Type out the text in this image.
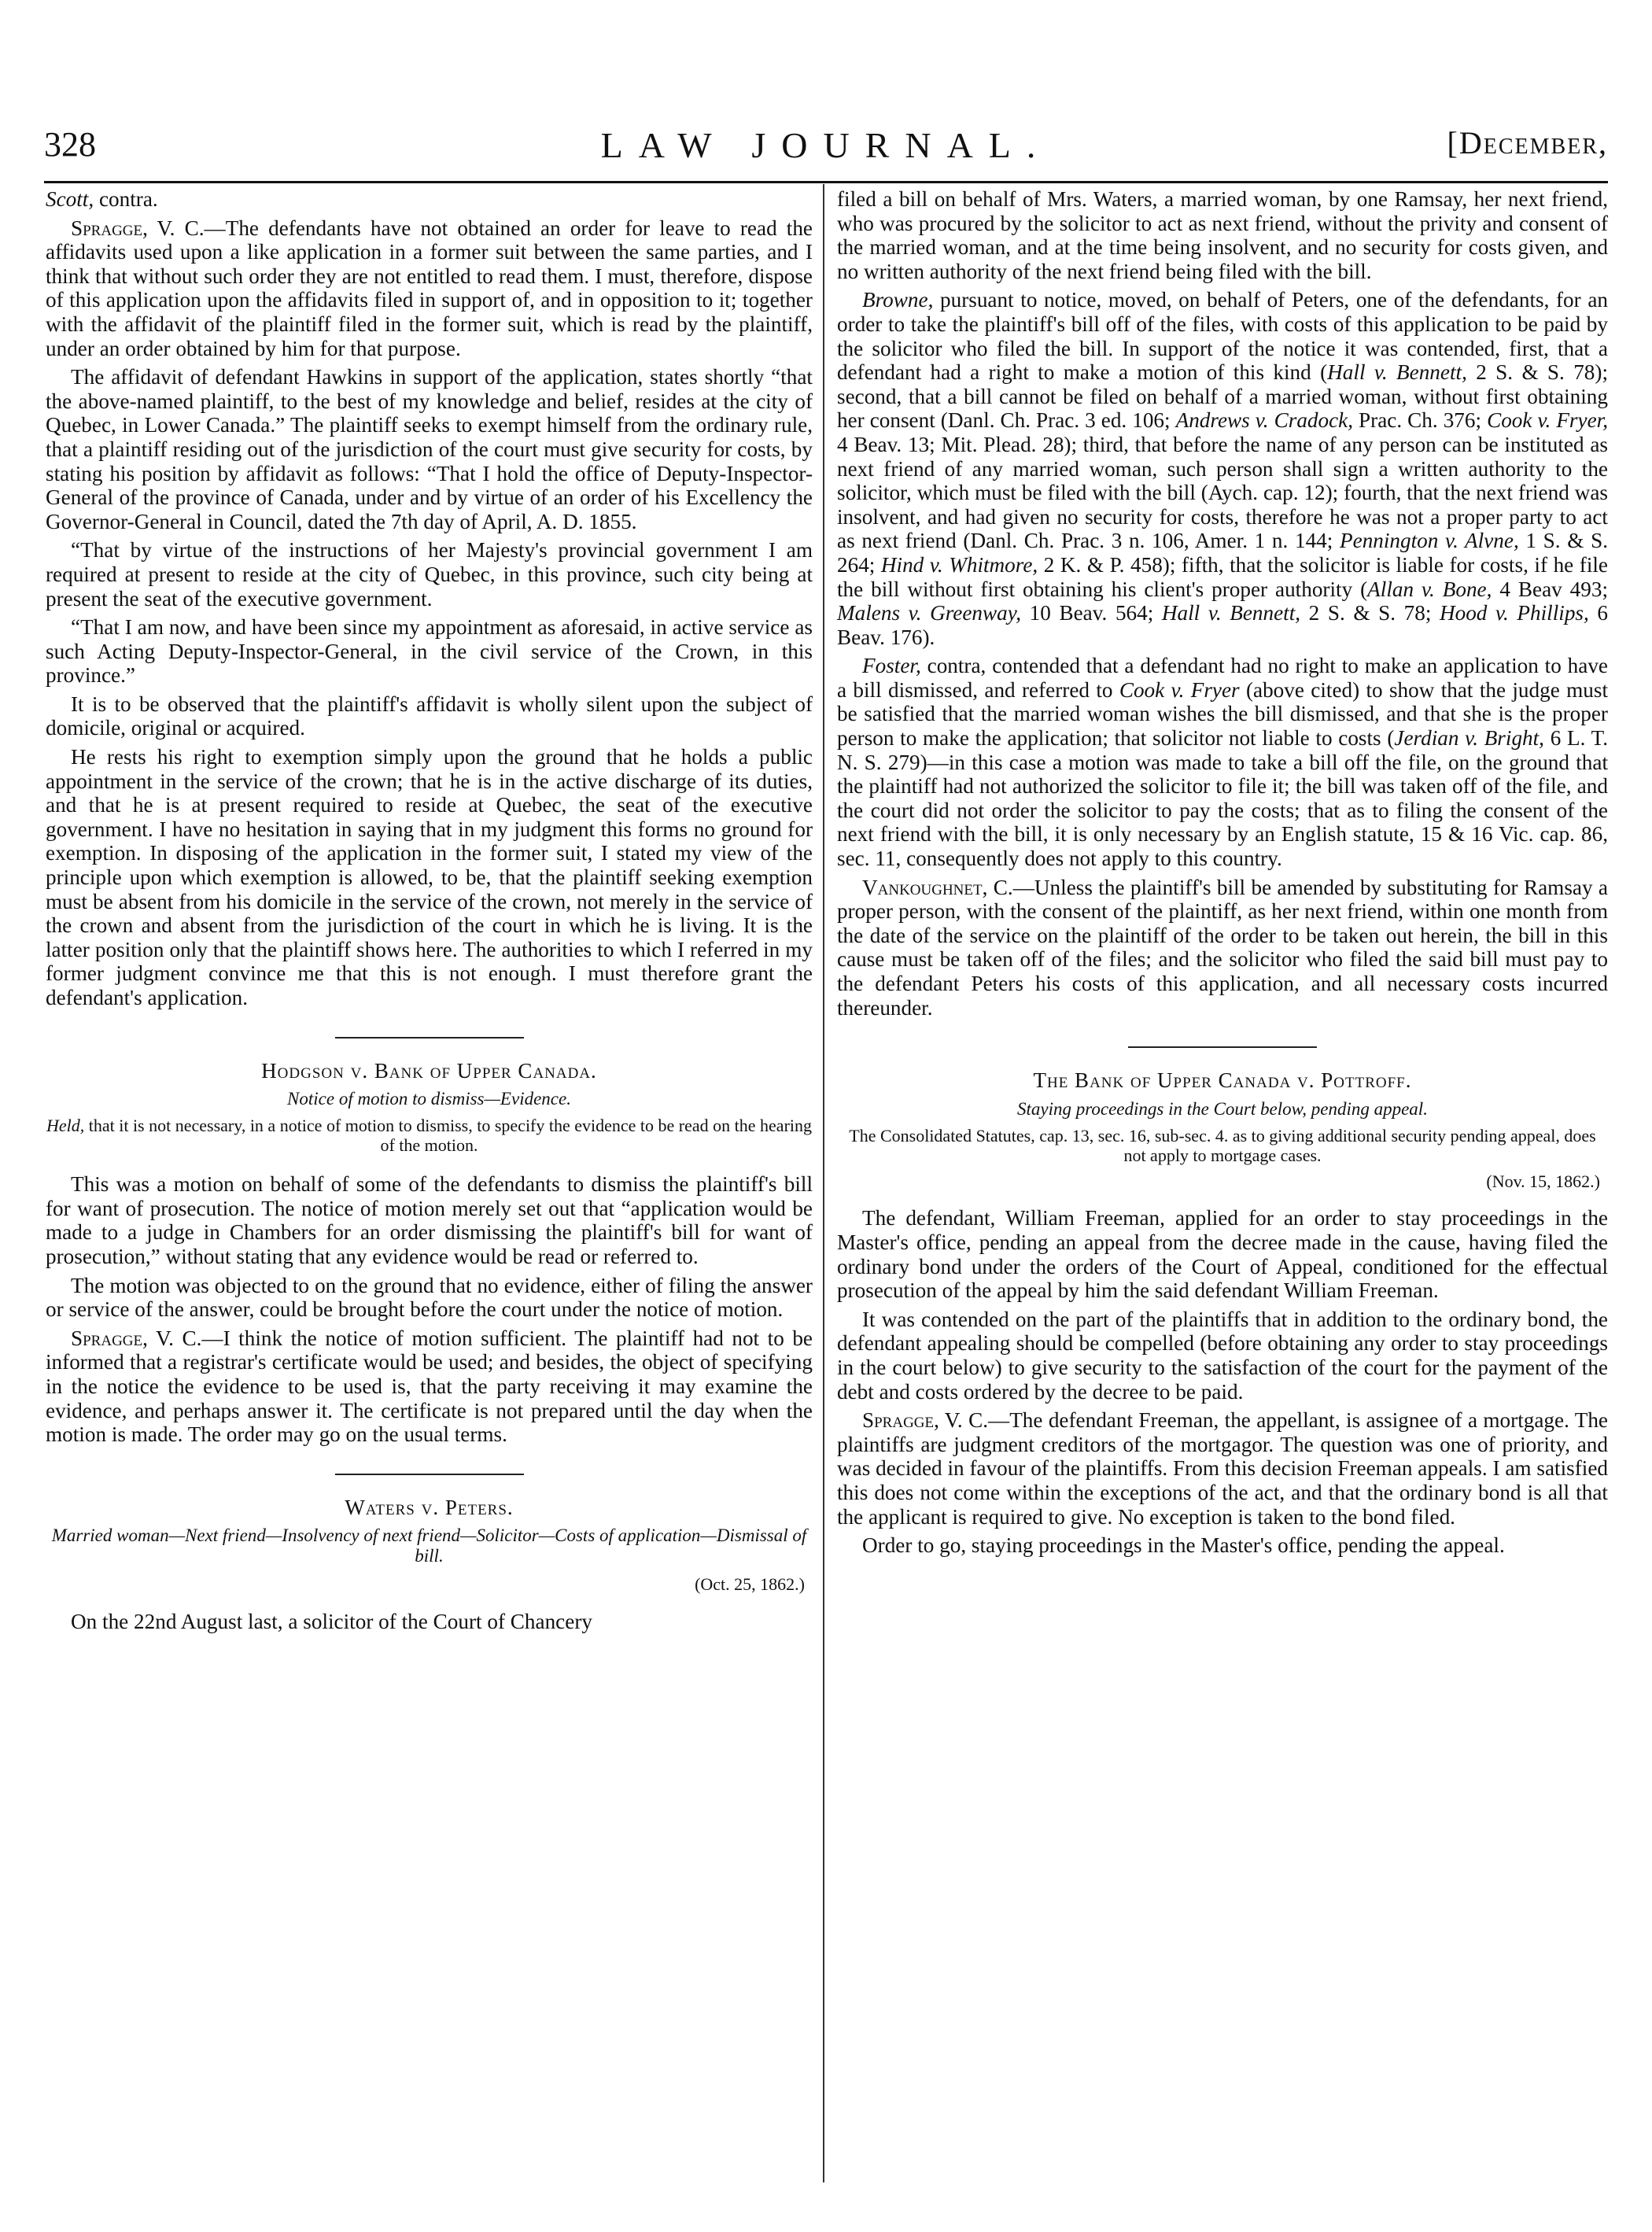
328	LAW JOURNAL.	[December,

Scott, contra.

Spragge, V. C.—The defendants have not obtained an order for leave to read the affidavits used upon a like application in a former suit between the same parties, and I think that without such order they are not entitled to read them. I must, therefore, dispose of this application upon the affidavits filed in support of, and in opposition to it; together with the affidavit of the plaintiff filed in the former suit, which is read by the plaintiff, under an order obtained by him for that purpose.

The affidavit of defendant Hawkins in support of the application, states shortly “that the above-named plaintiff, to the best of my knowledge and belief, resides at the city of Quebec, in Lower Canada.” The plaintiff seeks to exempt himself from the ordinary rule, that a plaintiff residing out of the jurisdiction of the court must give security for costs, by stating his position by affidavit as follows: “That I hold the office of Deputy-Inspector-General of the province of Canada, under and by virtue of an order of his Excellency the Governor-General in Council, dated the 7th day of April, A. D. 1855.

“That by virtue of the instructions of her Majesty's provincial government I am required at present to reside at the city of Quebec, in this province, such city being at present the seat of the executive government.

“That I am now, and have been since my appointment as aforesaid, in active service as such Acting Deputy-Inspector-General, in the civil service of the Crown, in this province.”

It is to be observed that the plaintiff's affidavit is wholly silent upon the subject of domicile, original or acquired.

He rests his right to exemption simply upon the ground that he holds a public appointment in the service of the crown; that he is in the active discharge of its duties, and that he is at present required to reside at Quebec, the seat of the executive government. I have no hesitation in saying that in my judgment this forms no ground for exemption. In disposing of the application in the former suit, I stated my view of the principle upon which exemption is allowed, to be, that the plaintiff seeking exemption must be absent from his domicile in the service of the crown, not merely in the service of the crown and absent from the jurisdiction of the court in which he is living. It is the latter position only that the plaintiff shows here. The authorities to which I referred in my former judgment convince me that this is not enough. I must therefore grant the defendant's application.

Hodgson v. Bank of Upper Canada.
Notice of motion to dismiss—Evidence.
Held, that it is not necessary, in a notice of motion to dismiss, to specify the evidence to be read on the hearing of the motion.

This was a motion on behalf of some of the defendants to dismiss the plaintiff's bill for want of prosecution. The notice of motion merely set out that “application would be made to a judge in Chambers for an order dismissing the plaintiff's bill for want of prosecution,” without stating that any evidence would be read or referred to.

The motion was objected to on the ground that no evidence, either of filing the answer or service of the answer, could be brought before the court under the notice of motion.

Spragge, V. C.—I think the notice of motion sufficient. The plaintiff had not to be informed that a registrar's certificate would be used; and besides, the object of specifying in the notice the evidence to be used is, that the party receiving it may examine the evidence, and perhaps answer it. The certificate is not prepared until the day when the motion is made. The order may go on the usual terms.

Waters v. Peters.
Married woman—Next friend—Insolvency of next friend—Solicitor—Costs of application—Dismissal of bill.
(Oct. 25, 1862.)

On the 22nd August last, a solicitor of the Court of Chancery

filed a bill on behalf of Mrs. Waters, a married woman, by one Ramsay, her next friend, who was procured by the solicitor to act as next friend, without the privity and consent of the married woman, and at the time being insolvent, and no security for costs given, and no written authority of the next friend being filed with the bill.

Browne, pursuant to notice, moved, on behalf of Peters, one of the defendants, for an order to take the plaintiff's bill off of the files, with costs of this application to be paid by the solicitor who filed the bill. In support of the notice it was contended, first, that a defendant had a right to make a motion of this kind (Hall v. Bennett, 2 S. & S. 78); second, that a bill cannot be filed on behalf of a married woman, without first obtaining her consent (Danl. Ch. Prac. 3 ed. 106; Andrews v. Cradock, Prac. Ch. 376; Cook v. Fryer, 4 Beav. 13; Mit. Plead. 28); third, that before the name of any person can be instituted as next friend of any married woman, such person shall sign a written authority to the solicitor, which must be filed with the bill (Aych. cap. 12); fourth, that the next friend was insolvent, and had given no security for costs, therefore he was not a proper party to act as next friend (Danl. Ch. Prac. 3 n. 106, Amer. 1 n. 144; Pennington v. Alvne, 1 S. & S. 264; Hind v. Whitmore, 2 K. & P. 458); fifth, that the solicitor is liable for costs, if he file the bill without first obtaining his client's proper authority (Allan v. Bone, 4 Beav 493; Malens v. Greenway, 10 Beav. 564; Hall v. Bennett, 2 S. & S. 78; Hood v. Phillips, 6 Beav. 176).

Foster, contra, contended that a defendant had no right to make an application to have a bill dismissed, and referred to Cook v. Fryer (above cited) to show that the judge must be satisfied that the married woman wishes the bill dismissed, and that she is the proper person to make the application; that solicitor not liable to costs (Jerdian v. Bright, 6 L. T. N. S. 279)—in this case a motion was made to take a bill off the file, on the ground that the plaintiff had not authorized the solicitor to file it; the bill was taken off of the file, and the court did not order the solicitor to pay the costs; that as to filing the consent of the next friend with the bill, it is only necessary by an English statute, 15 & 16 Vic. cap. 86, sec. 11, consequently does not apply to this country.

Vankoughnet, C.—Unless the plaintiff's bill be amended by substituting for Ramsay a proper person, with the consent of the plaintiff, as her next friend, within one month from the date of the service on the plaintiff of the order to be taken out herein, the bill in this cause must be taken off of the files; and the solicitor who filed the said bill must pay to the defendant Peters his costs of this application, and all necessary costs incurred thereunder.

The Bank of Upper Canada v. Pottroff.
Staying proceedings in the Court below, pending appeal.
The Consolidated Statutes, cap. 13, sec. 16, sub-sec. 4. as to giving additional security pending appeal, does not apply to mortgage cases.
(Nov. 15, 1862.)

The defendant, William Freeman, applied for an order to stay proceedings in the Master's office, pending an appeal from the decree made in the cause, having filed the ordinary bond under the orders of the Court of Appeal, conditioned for the effectual prosecution of the appeal by him the said defendant William Freeman.

It was contended on the part of the plaintiffs that in addition to the ordinary bond, the defendant appealing should be compelled (before obtaining any order to stay proceedings in the court below) to give security to the satisfaction of the court for the payment of the debt and costs ordered by the decree to be paid.

Spragge, V. C.—The defendant Freeman, the appellant, is assignee of a mortgage. The plaintiffs are judgment creditors of the mortgagor. The question was one of priority, and was decided in favour of the plaintiffs. From this decision Freeman appeals. I am satisfied this does not come within the exceptions of the act, and that the ordinary bond is all that the applicant is required to give. No exception is taken to the bond filed.

Order to go, staying proceedings in the Master's office, pending the appeal.
